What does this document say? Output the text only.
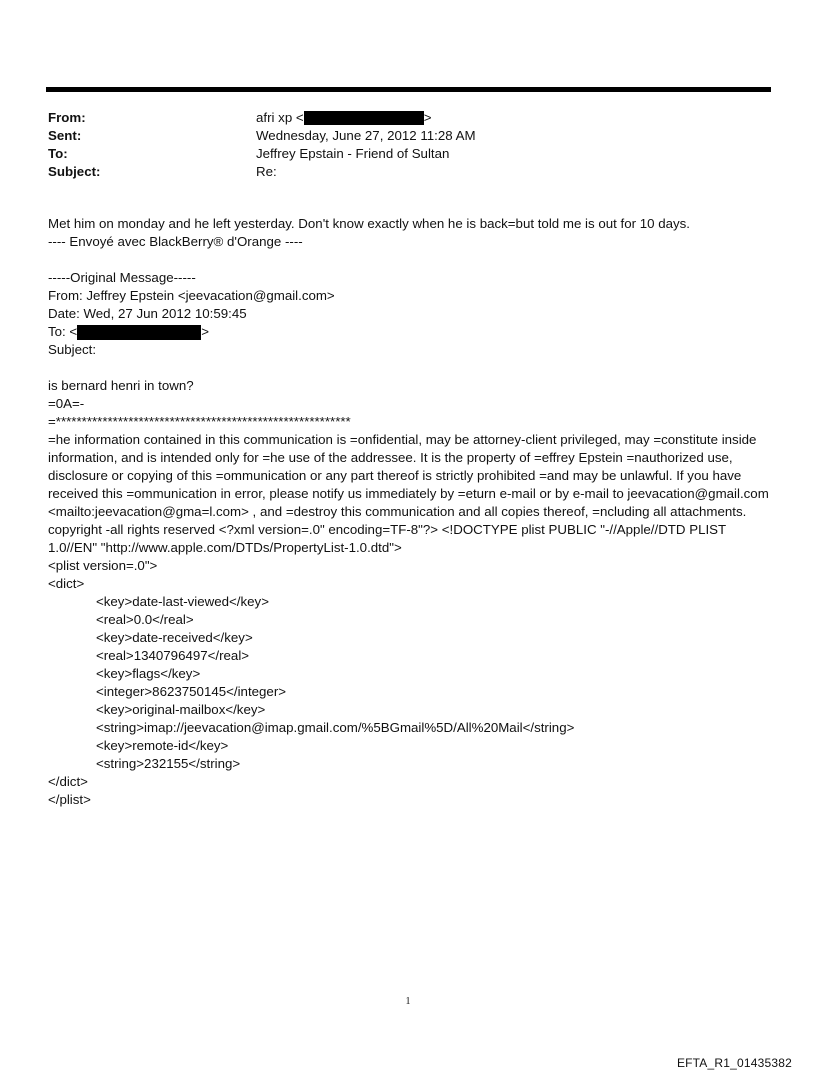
From:	afri xp <	>
Sent:	Wednesday, June 27, 2012 11:28 AM
To:	Jeffrey Epstain - Friend of Sultan
Subject:	Re:
Met him on monday and he left yesterday. Don't know exactly when he is back=but told me is out for 10 days.
---- Envoyé avec BlackBerry® d'Orange ----
-----Original Message-----
From: Jeffrey Epstein <jeevacation@gmail.com>
Date: Wed, 27 Jun 2012 10:59:45
To: <	>
Subject:
is bernard henri in town?
=0A=-
=*********************************************************
=he information contained in this communication is =onfidential, may be attorney-client privileged, may =constitute inside information, and is intended only for =he use of the addressee. It is the property of =effrey Epstein =nauthorized use, disclosure or copying of this =ommunication or any part thereof is strictly prohibited =and may be unlawful. If you have received this =ommunication in error, please notify us immediately by =eturn e-mail or by e-mail to jeevacation@gmail.com <mailto:jeevacation@gma=l.com> , and =destroy this communication and all copies thereof, =ncluding all attachments. copyright -all rights reserved <?xml version=.0" encoding=TF-8"?> <!DOCTYPE plist PUBLIC "-//Apple//DTD PLIST 1.0//EN" "http://www.apple.com/DTDs/PropertyList-1.0.dtd">
<plist version=.0">
<dict>
<key>date-last-viewed</key>
<real>0.0</real>
<key>date-received</key>
<real>1340796497</real>
<key>flags</key>
<integer>8623750145</integer>
<key>original-mailbox</key>
<string>imap://jeevacation@imap.gmail.com/%5BGmail%5D/All%20Mail</string>
<key>remote-id</key>
<string>232155</string>
</dict>
</plist>
1
EFTA_R1_01435382
